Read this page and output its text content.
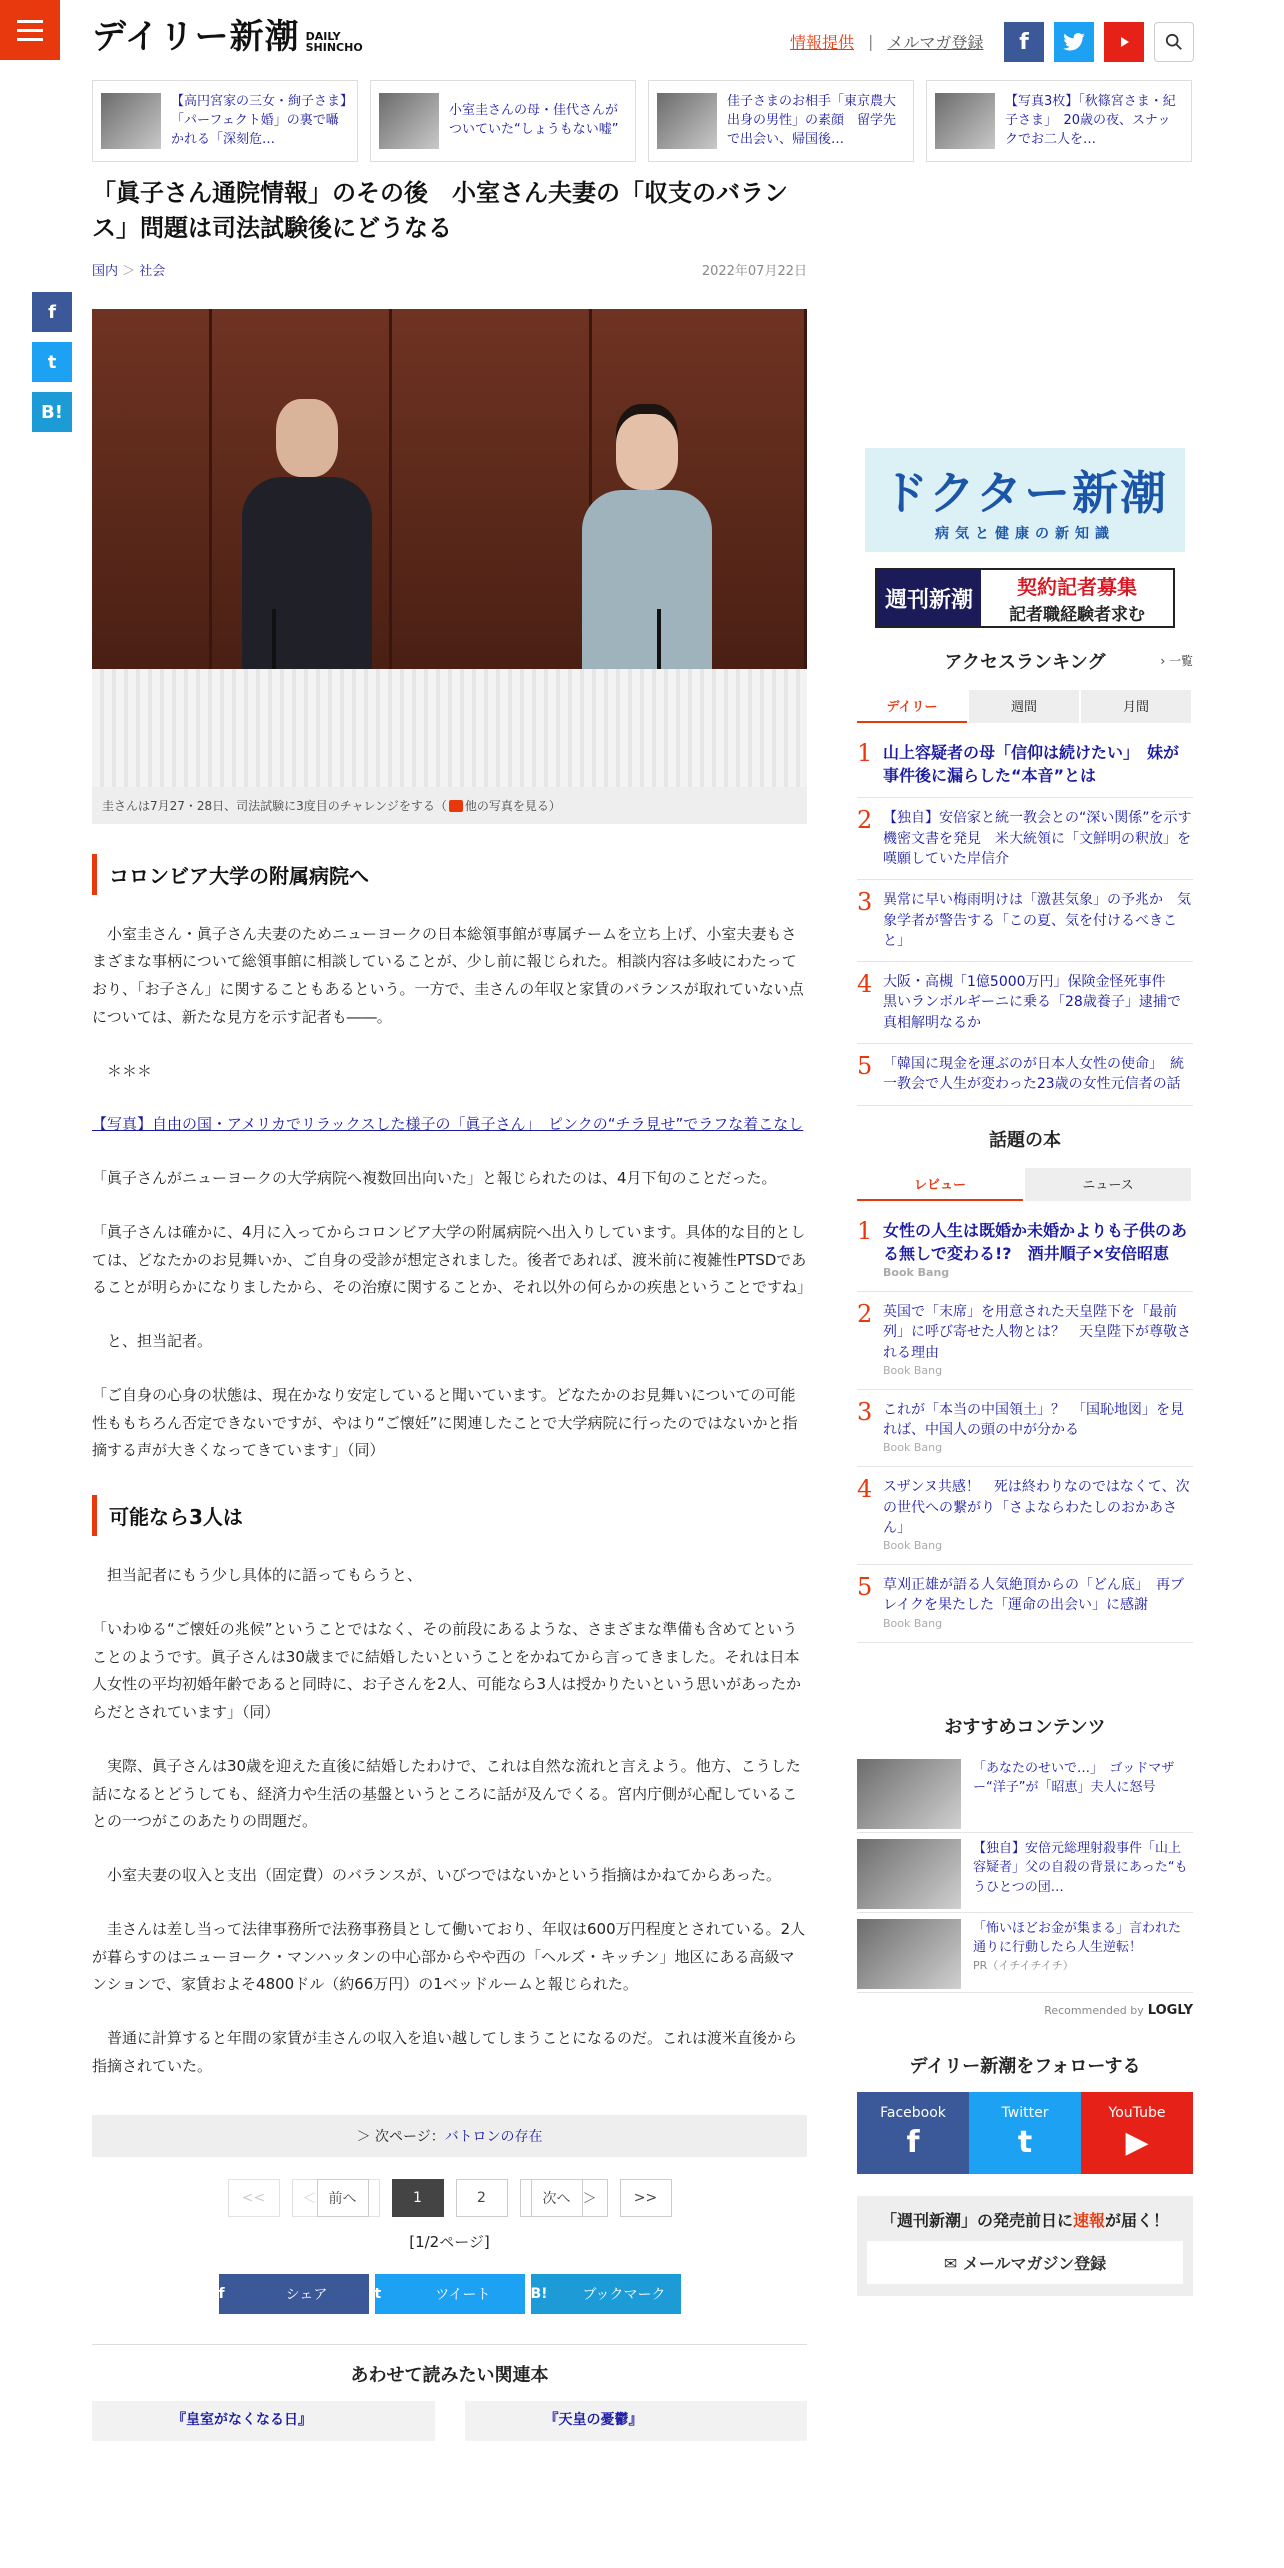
デイリー新潮 DAILY
SHINCHO	情報提供 | メルマガ登録	f
【高円宮家の三女・絢子さま】「パーフェクト婚」の裏で囁かれる「深刻危…
小室圭さんの母・佳代さんがついていた“しょうもない嘘”
佳子さまのお相手「東京農大出身の男性」の素顔　留学先で出会い、帰国後…
【写真3枚】「秋篠宮さま・紀子さま」　20歳の夜、スナックでお二人を…
f
t
B!
「眞子さん通院情報」のその後　小室さん夫妻の「収支のバランス」問題は司法試験後にどうなる
国内 ＞ 社会	2022年07月22日
圭さんは7月27・28日、司法試験に3度目のチャレンジをする（ 他の写真を見る）
コロンビア大学の附属病院へ

小室圭さん・眞子さん夫妻のためニューヨークの日本総領事館が専属チームを立ち上げ、小室夫妻もさまざまな事柄について総領事館に相談していることが、少し前に報じられた。相談内容は多岐にわたっており、「お子さん」に関することもあるという。一方で、圭さんの年収と家賃のバランスが取れていない点については、新たな見方を示す記者も――。

＊＊＊

【写真】自由の国・アメリカでリラックスした様子の「眞子さん」　ピンクの“チラ見せ”でラフな着こなし

「眞子さんがニューヨークの大学病院へ複数回出向いた」と報じられたのは、4月下旬のことだった。

「眞子さんは確かに、4月に入ってからコロンビア大学の附属病院へ出入りしています。具体的な目的としては、どなたかのお見舞いか、ご自身の受診が想定されました。後者であれば、渡米前に複雑性PTSDであることが明らかになりましたから、その治療に関することか、それ以外の何らかの疾患ということですね」

と、担当記者。

「ご自身の心身の状態は、現在かなり安定していると聞いています。どなたかのお見舞いについての可能性ももちろん否定できないですが、やはり“ご懐妊”に関連したことで大学病院に行ったのではないかと指摘する声が大きくなってきています」（同）

可能なら3人は

担当記者にもう少し具体的に語ってもらうと、

「いわゆる“ご懐妊の兆候”ということではなく、その前段にあるような、さまざまな準備も含めてということのようです。眞子さんは30歳までに結婚したいということをかねてから言ってきました。それは日本人女性の平均初婚年齢であると同時に、お子さんを2人、可能なら3人は授かりたいという思いがあったからだとされています」（同）

実際、眞子さんは30歳を迎えた直後に結婚したわけで、これは自然な流れと言えよう。他方、こうした話になるとどうしても、経済力や生活の基盤というところに話が及んでくる。宮内庁側が心配していることの一つがこのあたりの問題だ。

小室夫妻の収入と支出（固定費）のバランスが、いびつではないかという指摘はかねてからあった。

圭さんは差し当って法律事務所で法務事務員として働いており、年収は600万円程度とされている。2人が暮らすのはニューヨーク・マンハッタンの中心部からやや西の「ヘルズ・キッチン」地区にある高級マンションで、家賃およそ4800ドル（約66万円）の1ベッドルームと報じられた。

普通に計算すると年間の家賃が圭さんの収入を追い越してしまうことになるのだ。これは渡米直後から指摘されていた。

＞ 次ページ：バトロンの存在
<<	＜ 前へ	1	2	次へ ＞	>>
[1/2ページ]
f	シェア	t	ツイート	B!	ブックマーク
あわせて読みたい関連本
『皇室がなくなる日』	『天皇の憂鬱』
ドクター新潮
病気と健康の新知識
週刊新潮
契約記者募集
記者職経験者求む
アクセスランキング	› 一覧
デイリー	週間	月間
1 山上容疑者の母「信仰は続けたい」　妹が事件後に漏らした“本音”とは
2 【独自】安倍家と統一教会との“深い関係”を示す機密文書を発見　米大統領に「文鮮明の釈放」を嘆願していた岸信介
3 異常に早い梅雨明けは「激甚気象」の予兆か　気象学者が警告する「この夏、気を付けるべきこと」
4 大阪・高槻「1億5000万円」保険金怪死事件　黒いランボルギーニに乗る「28歳養子」逮捕で真相解明なるか
5 「韓国に現金を運ぶのが日本人女性の使命」　統一教会で人生が変わった23歳の女性元信者の話
話題の本
レビュー	ニュース
1 女性の人生は既婚か未婚かよりも子供のある無しで変わる!?　酒井順子×安倍昭恵
Book Bang
2 英国で「末席」を用意された天皇陛下を「最前列」に呼び寄せた人物とは？　天皇陛下が尊敬される理由
Book Bang
3 これが「本当の中国領土」？　「国恥地図」を見れば、中国人の頭の中が分かる
Book Bang
4 スザンヌ共感！　死は終わりなのではなくて、次の世代への繋がり「さよならわたしのおかあさん」
Book Bang
5 草刈正雄が語る人気絶頂からの「どん底」　再ブレイクを果たした「運命の出会い」に感謝
Book Bang
おすすめコンテンツ
「あなたのせいで…」　ゴッドマザー“洋子”が「昭恵」夫人に怒号
【独自】安倍元総理射殺事件「山上容疑者」父の自殺の背景にあった“もうひとつの団…
「怖いほどお金が集まる」言われた通りに行動したら人生逆転！
PR（イチイチイチ）
Recommended by LOGLY
デイリー新潮をフォローする
Facebook
f
Twitter
t
YouTube
▶
「週刊新潮」の発売前日に速報が届く！
✉ メールマガジン登録
